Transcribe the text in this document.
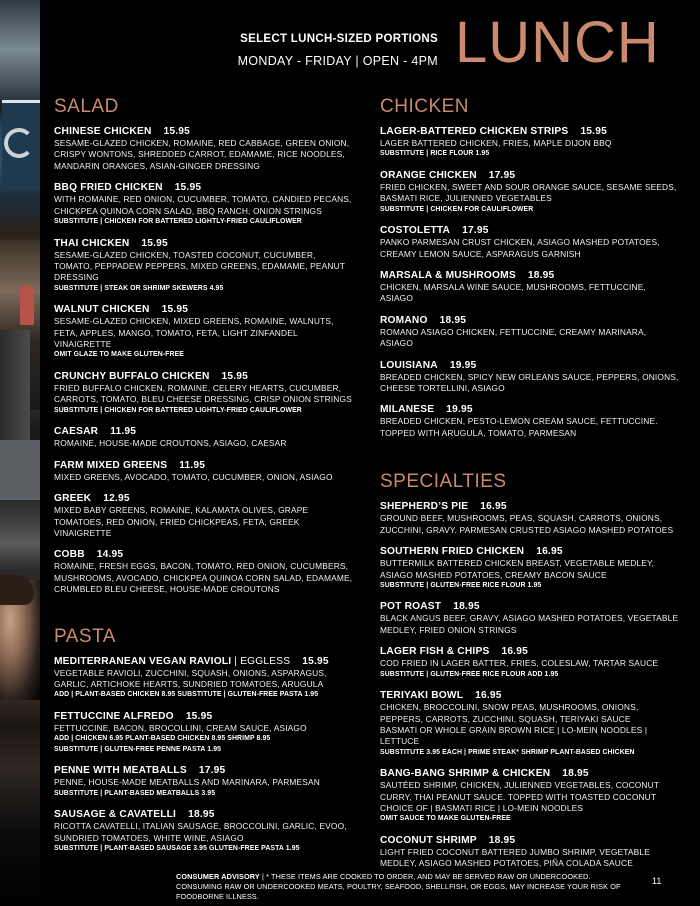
SELECT LUNCH-SIZED PORTIONS
MONDAY - FRIDAY | OPEN - 4PM LUNCH
SALAD
CHINESE CHICKEN 15.95
SESAME-GLAZED CHICKEN, ROMAINE, RED CABBAGE, GREEN ONION, CRISPY WONTONS, SHREDDED CARROT, EDAMAME, RICE NOODLES, MANDARIN ORANGES, ASIAN-GINGER DRESSING
BBQ FRIED CHICKEN 15.95
WITH ROMAINE, RED ONION, CUCUMBER, TOMATO, CANDIED PECANS, CHICKPEA QUINOA CORN SALAD, BBQ RANCH, ONION STRINGS
SUBSTITUTE | CHICKEN FOR BATTERED LIGHTLY-FRIED CAULIFLOWER
THAI CHICKEN 15.95
SESAME-GLAZED CHICKEN, TOASTED COCONUT, CUCUMBER, TOMATO, PEPPADEW PEPPERS, MIXED GREENS, EDAMAME, PEANUT DRESSING
SUBSTITUTE | STEAK OR SHRIMP SKEWERS 4.95
WALNUT CHICKEN 15.95
SESAME-GLAZED CHICKEN, MIXED GREENS, ROMAINE, WALNUTS, FETA, APPLES, MANGO, TOMATO, FETA, LIGHT ZINFANDEL VINAIGRETTE
OMIT GLAZE TO MAKE GLUTEN-FREE
CRUNCHY BUFFALO CHICKEN 15.95
FRIED BUFFALO CHICKEN, ROMAINE, CELERY HEARTS, CUCUMBER, CARROTS, TOMATO, BLEU CHEESE DRESSING, CRISP ONION STRINGS
SUBSTITUTE | CHICKEN FOR BATTERED LIGHTLY-FRIED CAULIFLOWER
CAESAR 11.95
ROMAINE, HOUSE-MADE CROUTONS, ASIAGO, CAESAR
FARM MIXED GREENS 11.95
MIXED GREENS, AVOCADO, TOMATO, CUCUMBER, ONION, ASIAGO
GREEK 12.95
MIXED BABY GREENS, ROMAINE, KALAMATA OLIVES, GRAPE TOMATOES, RED ONION, FRIED CHICKPEAS, FETA, GREEK VINAIGRETTE
COBB 14.95
ROMAINE, FRESH EGGS, BACON, TOMATO, RED ONION, CUCUMBERS, MUSHROOMS, AVOCADO, CHICKPEA QUINOA CORN SALAD, EDAMAME, CRUMBLED BLEU CHEESE, HOUSE-MADE CROUTONS
PASTA
MEDITERRANEAN VEGAN RAVIOLI | EGGLESS 15.95
VEGETABLE RAVIOLI, ZUCCHINI, SQUASH, ONIONS, ASPARAGUS, GARLIC, ARTICHOKE HEARTS, SUNDRIED TOMATOES, ARUGULA
ADD | PLANT-BASED CHICKEN 8.95 SUBSTITUTE | GLUTEN-FREE PASTA 1.95
FETTUCCINE ALFREDO 15.95
FETTUCCINE, BACON, BROCOLLINI, CREAM SAUCE, ASIAGO
ADD | CHICKEN 6.95 PLANT-BASED CHICKEN 8.95 SHRIMP 8.95
SUBSTITUTE | GLUTEN-FREE PENNE PASTA 1.95
PENNE WITH MEATBALLS 17.95
PENNE, HOUSE-MADE MEATBALLS AND MARINARA, PARMESAN
SUBSTITUTE | PLANT-BASED MEATBALLS 3.95
SAUSAGE & CAVATELLI 18.95
RICOTTA CAVATELLI, ITALIAN SAUSAGE, BROCCOLINI, GARLIC, EVOO, SUNDRIED TOMATOES, WHITE WINE, ASIAGO
SUBSTITUTE | PLANT-BASED SAUSAGE 3.95 GLUTEN-FREE PASTA 1.95
CHICKEN
LAGER-BATTERED CHICKEN STRIPS 15.95
LAGER BATTERED CHICKEN, FRIES, MAPLE DIJON BBQ
SUBSTITUTE | RICE FLOUR 1.95
ORANGE CHICKEN 17.95
FRIED CHICKEN, SWEET AND SOUR ORANGE SAUCE, SESAME SEEDS, BASMATI RICE, JULIENNED VEGETABLES
SUBSTITUTE | CHICKEN FOR CAULIFLOWER
COSTOLETTA 17.95
PANKO PARMESAN CRUST CHICKEN, ASIAGO MASHED POTATOES, CREAMY LEMON SAUCE, ASPARAGUS GARNISH
MARSALA & MUSHROOMS 18.95
CHICKEN, MARSALA WINE SAUCE, MUSHROOMS, FETTUCCINE, ASIAGO
ROMANO 18.95
ROMANO ASIAGO CHICKEN, FETTUCCINE, CREAMY MARINARA, ASIAGO
LOUISIANA 19.95
BREADED CHICKEN, SPICY NEW ORLEANS SAUCE, PEPPERS, ONIONS, CHEESE TORTELLINI, ASIAGO
MILANESE 19.95
BREADED CHICKEN, PESTO-LEMON CREAM SAUCE, FETTUCCINE. TOPPED WITH ARUGULA, TOMATO, PARMESAN
SPECIALTIES
SHEPHERD’S PIE 16.95
GROUND BEEF, MUSHROOMS, PEAS, SQUASH, CARROTS, ONIONS, ZUCCHINI, GRAVY. PARMESAN CRUSTED ASIAGO MASHED POTATOES
SOUTHERN FRIED CHICKEN 16.95
BUTTERMILK BATTERED CHICKEN BREAST, VEGETABLE MEDLEY, ASIAGO MASHED POTATOES, CREAMY BACON SAUCE
SUBSTITUTE | GLUTEN-FREE RICE FLOUR 1.95
POT ROAST 18.95
BLACK ANGUS BEEF, GRAVY, ASIAGO MASHED POTATOES, VEGETABLE MEDLEY, FRIED ONION STRINGS
LAGER FISH & CHIPS 16.95
COD FRIED IN LAGER BATTER, FRIES, COLESLAW, TARTAR SAUCE
SUBSTITUTE | GLUTEN-FREE RICE FLOUR ADD 1.95
TERIYAKI BOWL 16.95
CHICKEN, BROCCOLINI, SNOW PEAS, MUSHROOMS, ONIONS, PEPPERS, CARROTS, ZUCCHINI, SQUASH, TERIYAKI SAUCE
BASMATI OR WHOLE GRAIN BROWN RICE | LO-MEIN NOODLES | LETTUCE
SUBSTITUTE 3.95 EACH | PRIME STEAK* SHRIMP PLANT-BASED CHICKEN
BANG-BANG SHRIMP & CHICKEN 18.95
SAUTÉED SHRIMP, CHICKEN, JULIENNED VEGETABLES, COCONUT CURRY, THAI PEANUT SAUCE. TOPPED WITH TOASTED COCONUT
CHOICE OF | BASMATI RICE | LO-MEIN NOODLES
OMIT SAUCE TO MAKE GLUTEN-FREE
COCONUT SHRIMP 18.95
LIGHT FRIED COCONUT BATTERED JUMBO SHRIMP, VEGETABLE MEDLEY, ASIAGO MASHED POTATOES, PIÑA COLADA SAUCE
CONSUMER ADVISORY | * THESE ITEMS ARE COOKED TO ORDER, AND MAY BE SERVED RAW OR UNDERCOOKED. CONSUMING RAW OR UNDERCOOKED MEATS, POULTRY, SEAFOOD, SHELLFISH, OR EGGS, MAY INCREASE YOUR RISK OF FOODBORNE ILLNESS.
11
